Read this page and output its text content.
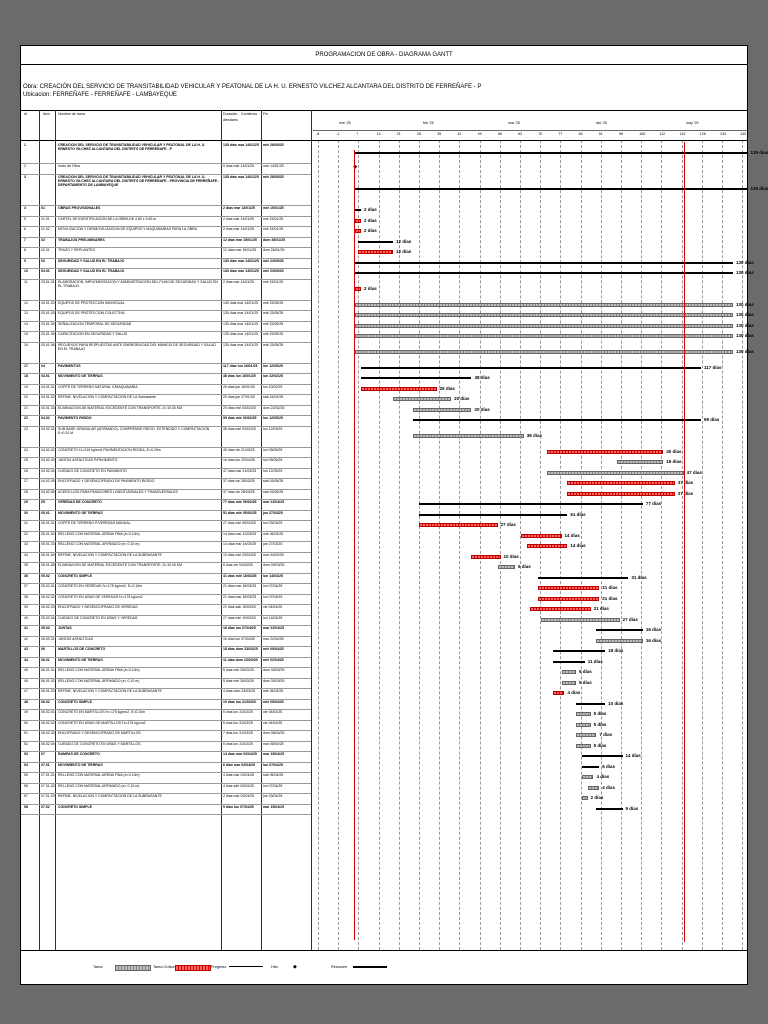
PROGRAMACION DE OBRA - DIAGRAMA GANTT
Obra: CREACIÓN DEL SERVICIO DE TRANSITABILIDAD VEHICULAR Y PEATONAL DE LA H. U. ERNESTO VILCHEZ ALCANTARA DEL DISTRITO DE FERREÑAFE - P
Ubicacion: FERREÑAFE - FERREÑAFE - LAMBAYEQUE
Id	Item Nombre de tarea	Duración Comienzo
alendario
Fin
ene '25	feb '25	mar '25	abr '25	may '25
-8	-1	7	14	21	28	35	42	49	56	63	70	77	84	91	98	105	112	119	126	133	140
1	CREACION DEL SERVICIO DE TRANSITABILIDAD VEHICULAR Y PEATONAL DE LA H. U. ERNESTO VILCHEZ ALCANTARA DEL DISTRITO DE FERREÑAFE - P
135 días mar 14/01/25	mié 28/05/25
2	Inicio de Obra	0 días mar 14/01/25	mar 14/01/25
3	CREACION DEL SERVICIO DE TRANSITABILIDAD VEHICULAR Y PEATONAL DE LA H. U. ERNESTO VILCHEZ ALCANTARA DEL DISTRITO DE FERREÑAFE - PROVINCIA DE FERREÑAFE - DEPARTAMENTO DE LAMBAYEQUE
135 días mar 14/01/25	mié 28/05/25
4	01	OBRAS PROVISIONALES	2 días mar 14/01/25	mié 15/01/25
5	01.01	CARTEL DE IDENTIFICACION DE LA OBRA DE 4.80 x 3.60 m	2 días mar 14/01/25	mié 15/01/25
6	01.02	MOVILIZACION Y DESMOVILIZACION DE EQUIPOS Y MAQUINARIAS PARA LA OBRA	2 días mar 14/01/25	mié 15/01/25
7	02	TRABAJOS PRELIMINARES	12 días mar 15/01/25	dom 26/01/25
8	02.01	TRAZO Y REPLANTEO	12 días mar 15/01/25	dom 26/01/25
9	03	SEGURIDAD Y SALUD EN EL TRABAJO	130 días mar 14/01/25	mié 23/05/25
10	03.01	SEGURIDAD Y SALUD EN EL TRABAJO	130 días mar 14/01/25	mié 23/05/25
11	03.01.01 ELABORACION, IMPLEMENTACION Y ADMINISTRACION DEL PLAN DE SEGURIDAD Y SALUD EN EL TRABAJO
2 días mar 14/01/25	mié 15/01/25
12	03.01.02 EQUIPOS DE PROTECCION INDIVIDUAL	130 días mar 14/01/25	mié 23/05/25
13	03.01.03 EQUIPOS DE PROTECCION COLECTIVA	130 días mar 14/01/25	mié 23/05/25
14	03.01.04 SEÑALIZACION TEMPORAL DE SEGURIDAD	130 días mar 14/01/25	mié 23/05/25
15	03.01.05 CAPACITACION EN SEGURIDAD Y SALUD	130 días mar 14/01/25	mié 23/05/25
16	03.01.06 RECURSOS PARA RESPUESTAS ANTE EMERGENCIAS DEL MANEJO DE SEGURIDAD Y SALUD EN EL TRABAJO
130 días mar 14/01/25	mié 23/05/25
17	04	PAVIMENTOS	117 días lun 16/01/25	lun 12/05/25
18	04.01	MOVIMIENTO DE TIERRAS	38 días lun 16/01/25	lun 22/02/25
19	04.01.01 CORTE DE TERRENO NATURAL C/MAQUINARIA	26 días jue 16/01/25	lun 10/02/25
20	04.01.02 REFINE, NIVELACION Y COMPACTACION DE LA Subrasante	20 días jue 27/01/25	sáb 15/02/25
21	04.01.03 ELIMINACION DE MATERIAL EXCEDENTE CON TRANSPORTE, D=10.00 KM	20 días mié 03/02/25	dom 22/02/25
22	04.02	PAVIMENTO RIGIDO	99 días mié 03/02/25	lun 12/05/25
23	04.02.01 SUB BASE GRANULAR (AFIRMADO), COMPRENDE RIEGO, EXTENDIDO Y COMPACTACION E=0.20 M
38 días mié 03/02/25	lun 12/03/25
24	04.02.02 CONCRETO f'c=210 kg/cm2 PAVIMENTACION RIGIDA, E=0.20m	40 días vie 21/03/25	lun 05/05/25
25	04.02.03 JUNTAS ASFALTICAS P/PAVIMENTO	16 días lun 20/04/25	lun 05/05/25
26	04.02.04 CURADO DE CONCRETO EN PAVIMENTO	47 días mar 21/03/25	lun 12/05/25
27	04.02.05 ENCOFRADO Y DESENCOFRADO DE PAVIMENTO RIGIDO	37 días vie 28/03/25	sáb 03/05/25
28	04.02.06 ACERO LISO PARA PASADORES LONGITUDINALES Y TRANSVERSALES	37 días vie 28/03/25	sáb 03/05/25
29	05	VEREDAS DE CONCRETO	77 días mié 05/02/25	mar 22/04/25
30	05.01	MOVIMIENTO DE TIERRAS	51 días mié 05/02/25	jue 27/03/25
31	05.01.01 CORTE DE TERRENO P/VEREDAS MANUAL	27 días mié 05/02/25	lun 03/03/25
32	05.01.02 RELLENO CON MATERIAL ARENA FINA (e=0.10m)	14 días mar 12/03/25	mié 26/03/25
33	05.01.03 RELLENO CON MATERIAL AFIRMADO (e= 0.10 m)	14 días mar 14/03/25	jue 27/03/25
34	05.01.04 REFINE, NIVELACION Y COMPACTACION DE LA SUBRASANTE	10 días mié 23/02/25	mar 04/03/25
35	05.01.05 ELIMINACION DE MATERIAL EXCEDENTE CON TRANSPORTE, D=10.00 KM	6 días vie 04/03/25	dom 09/03/25
36	05.02	CONCRETO SIMPLE	31 días mié 18/03/25	lun 14/04/25
37	05.02.01 CONCRETO EN VEREDAS f'c=175 kg/cm2, E=0.10m	21 días mar 18/03/25	lun 07/04/25
38	05.02.02 CONCRETO EN UÑAS DE VEREDAS f'c=175 kg/cm2	21 días mar 18/03/25	lun 07/04/25
39	05.02.03 ENCOFRADO Y DESENCOFRADO DE VEREDAS	21 días sáb 15/03/25	vie 04/04/25
40	05.02.04 CURADO DE CONCRETO EN UÑAS Y VEREDAS	27 días mié 19/03/25	lun 14/04/25
41	05.03	JUNTAS	16 días lun 07/04/25	mar 22/04/25
42	05.03.01 JUNTAS ASFALTICAS	16 días lun 07/04/25	mar 22/04/25
43	06	MARTILLOS DE CONCRETO	18 días dom 23/03/25	mié 09/04/25
44	06.01	MOVIMIENTO DE TIERRAS	11 días dom 23/03/25	mié 02/04/25
45	06.01.01 RELLENO CON MATERIAL ARENA FINA (e=0.10m)	5 días mié 26/03/25	dom 30/03/25
46	06.01.02 RELLENO CON MATERIAL AFIRMADO (e= 0.10 m)	5 días mié 26/03/25	dom 30/03/25
47	06.01.03 REFINE, NIVELACION Y COMPACTACION DE LA SUBRASANTE	4 días dom 23/03/25	mié 26/03/25
48	06.02	CONCRETO SIMPLE	10 días lun 31/03/25	mié 09/04/25
49	06.02.01 CONCRETO EN MARTILLOS f'c=175 kg/cm2, E=0.10m	5 días lun 31/03/25	vie 04/04/25
50	06.02.02 CONCRETO EN UÑAS DE MARTILLOS f'c=175 kg/cm2	5 días lun 31/03/25	vie 04/04/25
51	06.02.03 ENCOFRADO Y DESENCOFRADO DE MARTILLOS	7 días lun 31/03/25	dom 06/04/25
52	06.02.04 CURADO DE CONCRETO EN UÑAS Y MARTILLOS	5 días lun 31/03/25	mar 08/04/25
53	07	RAMPAS DE CONCRETO	14 días mar 02/04/25	mar 15/04/25
54	07.01	MOVIMIENTO DE TIERRAS	6 días mar 02/04/25	lun 07/04/25
55	07.01.01 RELLENO CON MATERIAL ARENA FINA (e=0.10m)	4 días mar 02/04/25	sáb 05/04/25
56	07.01.02 RELLENO CON MATERIAL AFIRMADO (e= 0.10 m)	4 días sáb 03/04/25	lun 07/04/25
57	07.01.03 REFINE, NIVELACION Y COMPACTACION DE LA SUBRASANTE	2 días mar 02/04/25	jue 03/04/25
58	07.02	CONCRETO SIMPLE	9 días lun 07/04/25	mar 15/04/25
135 días
◆
135 días
2 días
2 días
2 días
12 días
12 días
130 días
130 días
2 días
130 días
130 días
130 días
130 días
130 días
117 días
38 días
26 días
20 días
20 días
99 días
38 días
40 días
16 días
47 días
37 días
37 días
77 días
51 días
27 días
14 días
14 días
10 días
6 días
31 días
21 días
21 días
21 días
27 días
16 días
16 días
18 días
11 días
5 días
5 días
4 días
10 días
5 días
5 días
7 días
5 días
14 días
6 días
4 días
4 días
2 días
9 días
Tarea	Tarea Crítica	Progreso	Hito	◆	Resumen
